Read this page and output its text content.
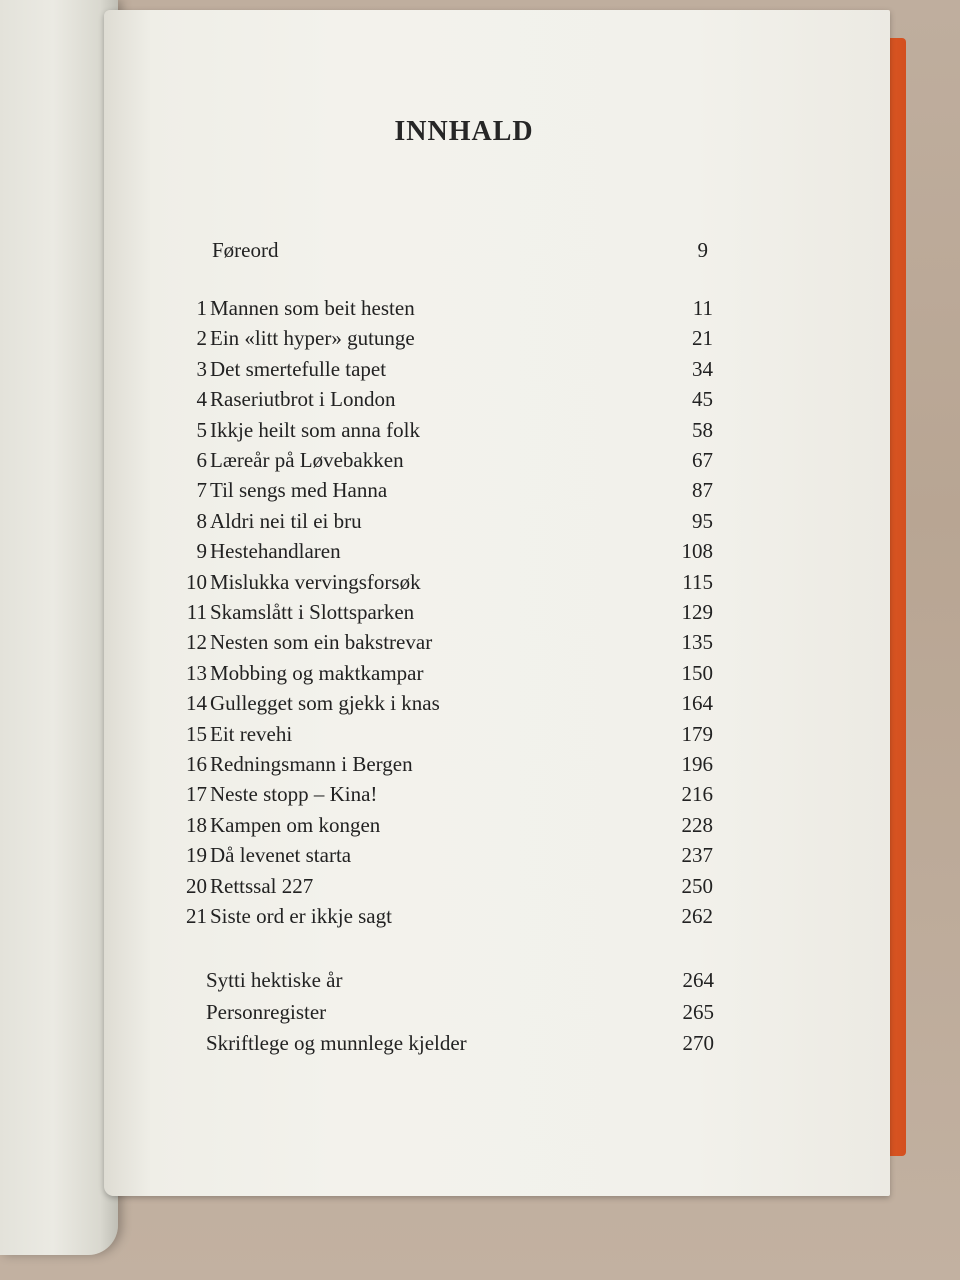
INNHALD
Føreord	9
1 Mannen som beit hesten	11
2 Ein «litt hyper» gutunge	21
3 Det smertefulle tapet	34
4 Raseriutbrot i London	45
5 Ikkje heilt som anna folk	58
6 Læreår på Løvebakken	67
7 Til sengs med Hanna	87
8 Aldri nei til ei bru	95
9 Hestehandlaren	108
10 Mislukka vervingsforsøk	115
11 Skamslått i Slottsparken	129
12 Nesten som ein bakstrevar	135
13 Mobbing og maktkampar	150
14 Gullegget som gjekk i knas	164
15 Eit revehi	179
16 Redningsmann i Bergen	196
17 Neste stopp – Kina!	216
18 Kampen om kongen	228
19 Då levenet starta	237
20 Rettssal 227	250
21 Siste ord er ikkje sagt	262
Sytti hektiske år	264
Personregister	265
Skriftlege og munnlege kjelder	270
